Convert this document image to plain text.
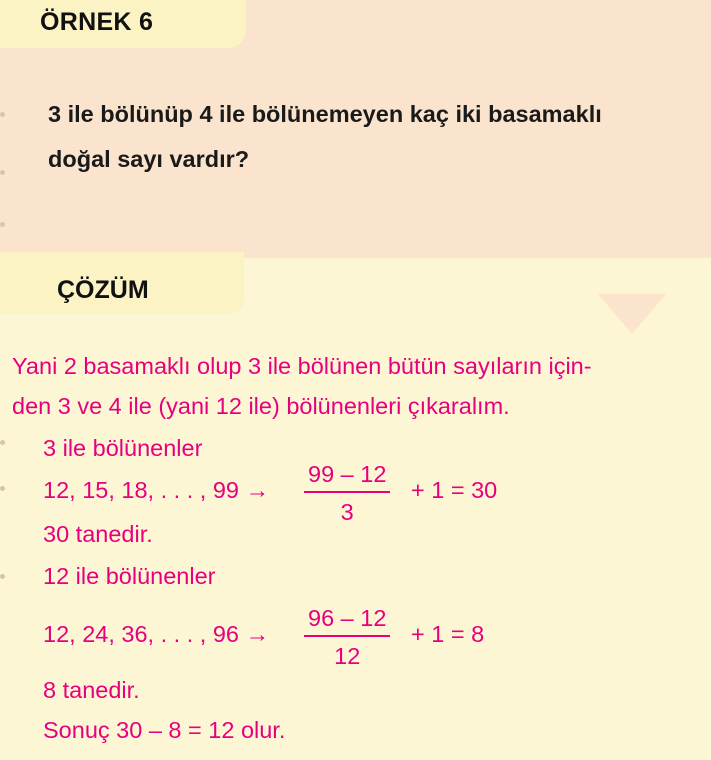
ÖRNEK 6
3 ile bölünüp 4 ile bölünemeyen kaç iki basamaklı
doğal sayı vardır?
ÇÖZÜM
Yani 2 basamaklı olup 3 ile bölünen bütün sayıların için-
den 3 ve 4 ile (yani 12 ile) bölünenleri çıkaralım.
3 ile bölünenler
12, 15, 18, . . . , 99 →
99 – 12
3
+ 1 = 30
30 tanedir.
12 ile bölünenler
12, 24, 36, . . . , 96 →
96 – 12
12
+ 1 = 8
8 tanedir.
Sonuç 30 – 8 = 12 olur.
